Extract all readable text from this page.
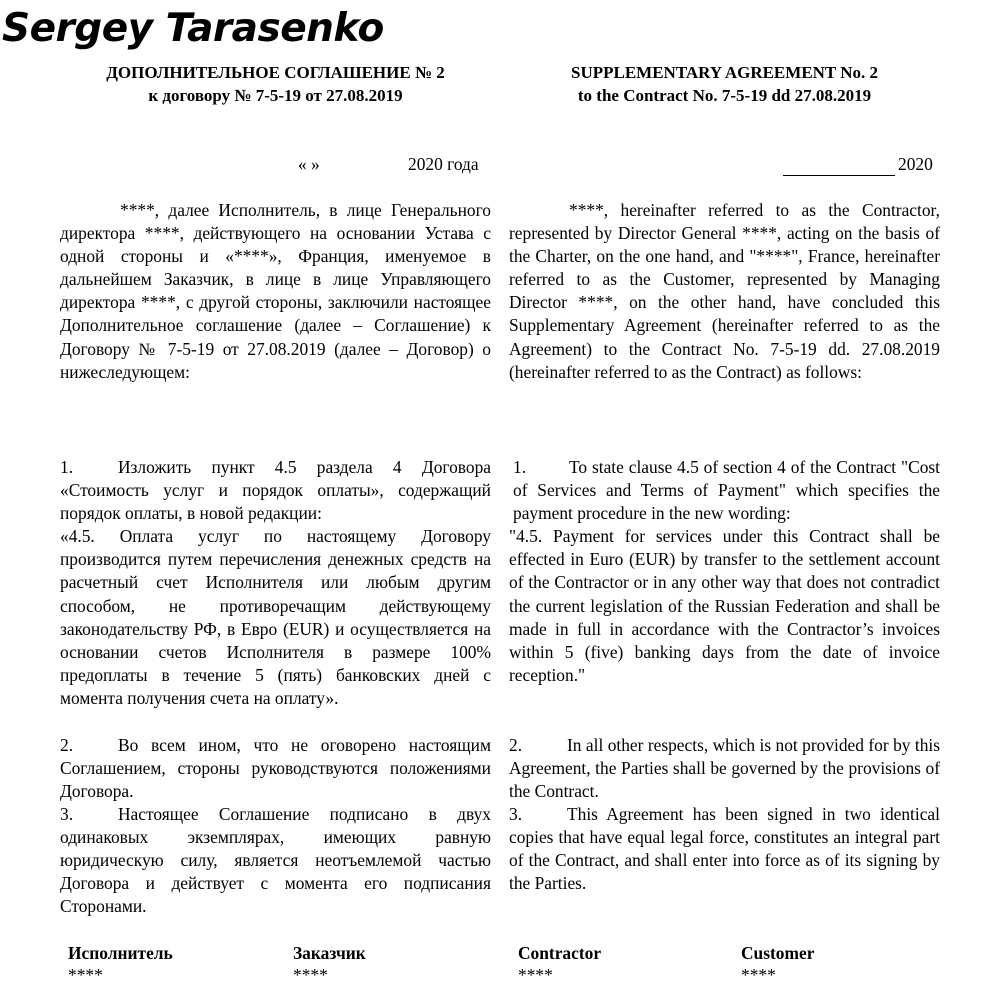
Sergey Tarasenko
ДОПОЛНИТЕЛЬНОЕ СОГЛАШЕНИЕ № 2
к договору № 7-5-19 от 27.08.2019
SUPPLEMENTARY AGREEMENT No. 2
to the Contract No. 7-5-19 dd 27.08.2019
« »	2020 года	2020

****, далее Исполнитель, в лице Генерального директора ****, действующего на основании Устава с одной стороны и «****», Франция, именуемое в дальнейшем Заказчик, в лице в лице Управляющего директора ****, с другой стороны, заключили настоящее Дополнительное соглашение (далее – Соглашение) к Договору № 7-5-19 от 27.08.2019 (далее – Договор) о нижеследующем:

1.	Изложить пункт 4.5 раздела 4 Договора «Стоимость услуг и порядок оплаты», содержащий порядок оплаты, в новой редакции:

«4.5. Оплата услуг по настоящему Договору производится путем перечисления денежных средств на расчетный счет Исполнителя или любым другим способом, не противоречащим действующему законодательству РФ, в Евро (EUR) и осуществляется на основании счетов Исполнителя в размере 100% предоплаты в течение 5 (пять) банковских дней с момента получения счета на оплату».

2.	Во всем ином, что не оговорено настоящим Соглашением, стороны руководствуются положениями Договора.

3.	Настоящее Соглашение подписано в двух одинаковых экземплярах, имеющих равную юридическую силу, является неотъемлемой частью Договора и действует с момента его подписания Сторонами.

****, hereinafter referred to as the Contractor, represented by Director General ****, acting on the basis of the Charter, on the one hand, and "****", France, hereinafter referred to as the Customer, represented by Managing Director ****, on the other hand, have concluded this Supplementary Agreement (hereinafter referred to as the Agreement) to the Contract No. 7-5-19 dd. 27.08.2019 (hereinafter referred to as the Contract) as follows:

1. To state clause 4.5 of section 4 of the Contract "Cost of Services and Terms of Payment" which specifies the payment procedure in the new wording:

"4.5. Payment for services under this Contract shall be effected in Euro (EUR) by transfer to the settlement account of the Contractor or in any other way that does not contradict the current legislation of the Russian Federation and shall be made in full in accordance with the Contractor’s invoices within 5 (five) banking days from the date of invoice reception."

2.	In all other respects, which is not provided for by this Agreement, the Parties shall be governed by the provisions of the Contract.

3.	This Agreement has been signed in two identical copies that have equal legal force, constitutes an integral part of the Contract, and shall enter into force as of its signing by the Parties.

Исполнитель
****
Заказчик
****
Contractor
****
Customer
****
